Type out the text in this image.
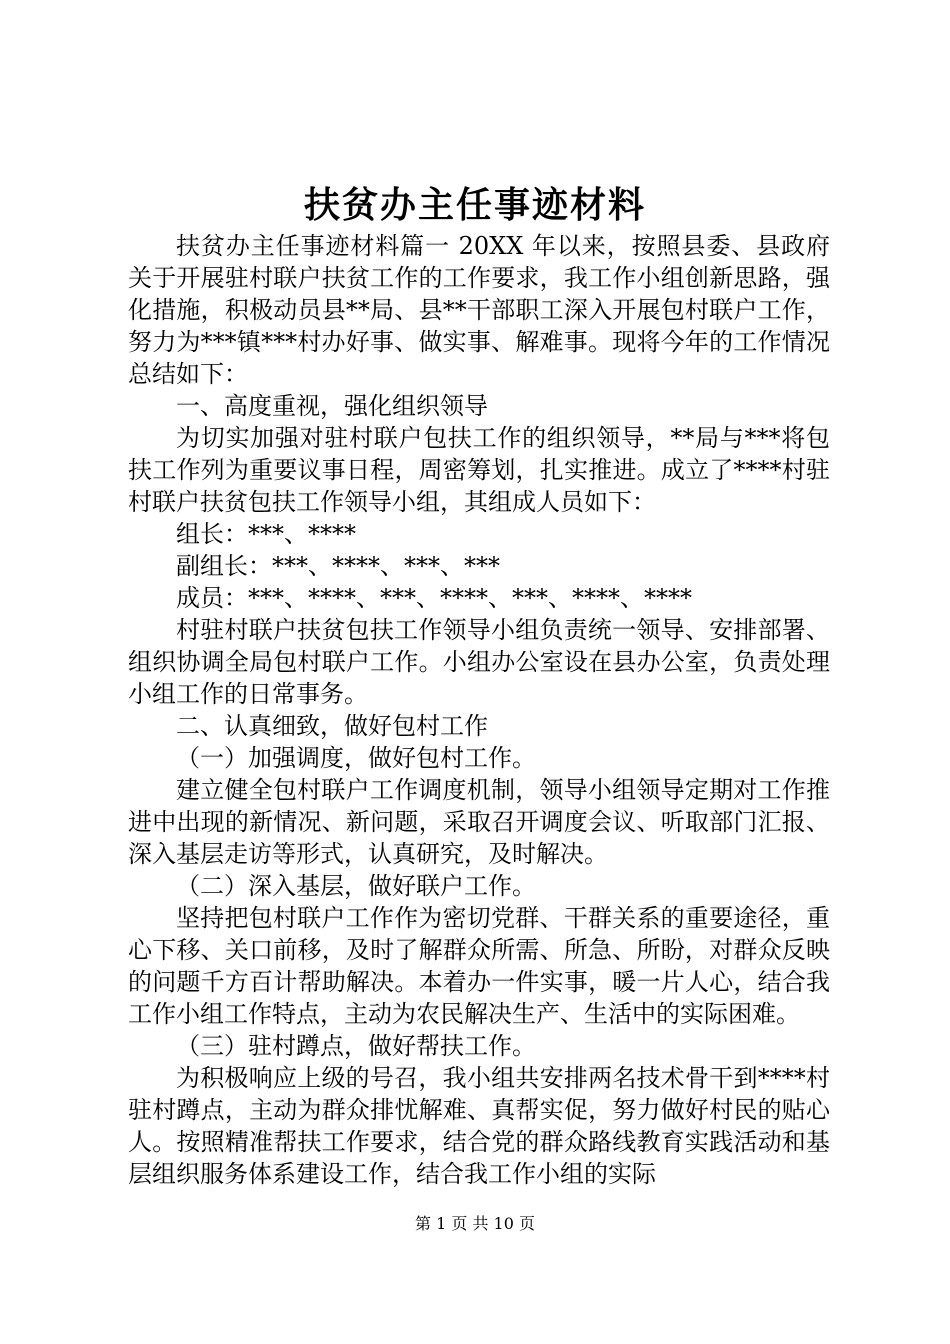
扶贫办主任事迹材料

扶贫办主任事迹材料篇一 20XX 年以来，按照县委、县政府关于开展驻村联户扶贫工作的工作要求，我工作小组创新思路，强化措施，积极动员县**局、县**干部职工深入开展包村联户工作，努力为***镇***村办好事、做实事、解难事。现将今年的工作情况总结如下：

一、高度重视，强化组织领导

为切实加强对驻村联户包扶工作的组织领导，**局与***将包扶工作列为重要议事日程，周密筹划，扎实推进。成立了****村驻村联户扶贫包扶工作领导小组，其组成人员如下：

组长：***、****

副组长：***、****、***、***

成员：***、****、***、****、***、****、****

村驻村联户扶贫包扶工作领导小组负责统一领导、安排部署、组织协调全局包村联户工作。小组办公室设在县办公室，负责处理小组工作的日常事务。

二、认真细致，做好包村工作

（一）加强调度，做好包村工作。

建立健全包村联户工作调度机制，领导小组领导定期对工作推进中出现的新情况、新问题，采取召开调度会议、听取部门汇报、深入基层走访等形式，认真研究，及时解决。

（二）深入基层，做好联户工作。

坚持把包村联户工作作为密切党群、干群关系的重要途径，重心下移、关口前移，及时了解群众所需、所急、所盼，对群众反映的问题千方百计帮助解决。本着办一件实事，暖一片人心，结合我工作小组工作特点，主动为农民解决生产、生活中的实际困难。

（三）驻村蹲点，做好帮扶工作。

为积极响应上级的号召，我小组共安排两名技术骨干到****村驻村蹲点，主动为群众排忧解难、真帮实促，努力做好村民的贴心人。按照精准帮扶工作要求，结合党的群众路线教育实践活动和基层组织服务体系建设工作，结合我工作小组的实际

第 1 页 共 10 页
